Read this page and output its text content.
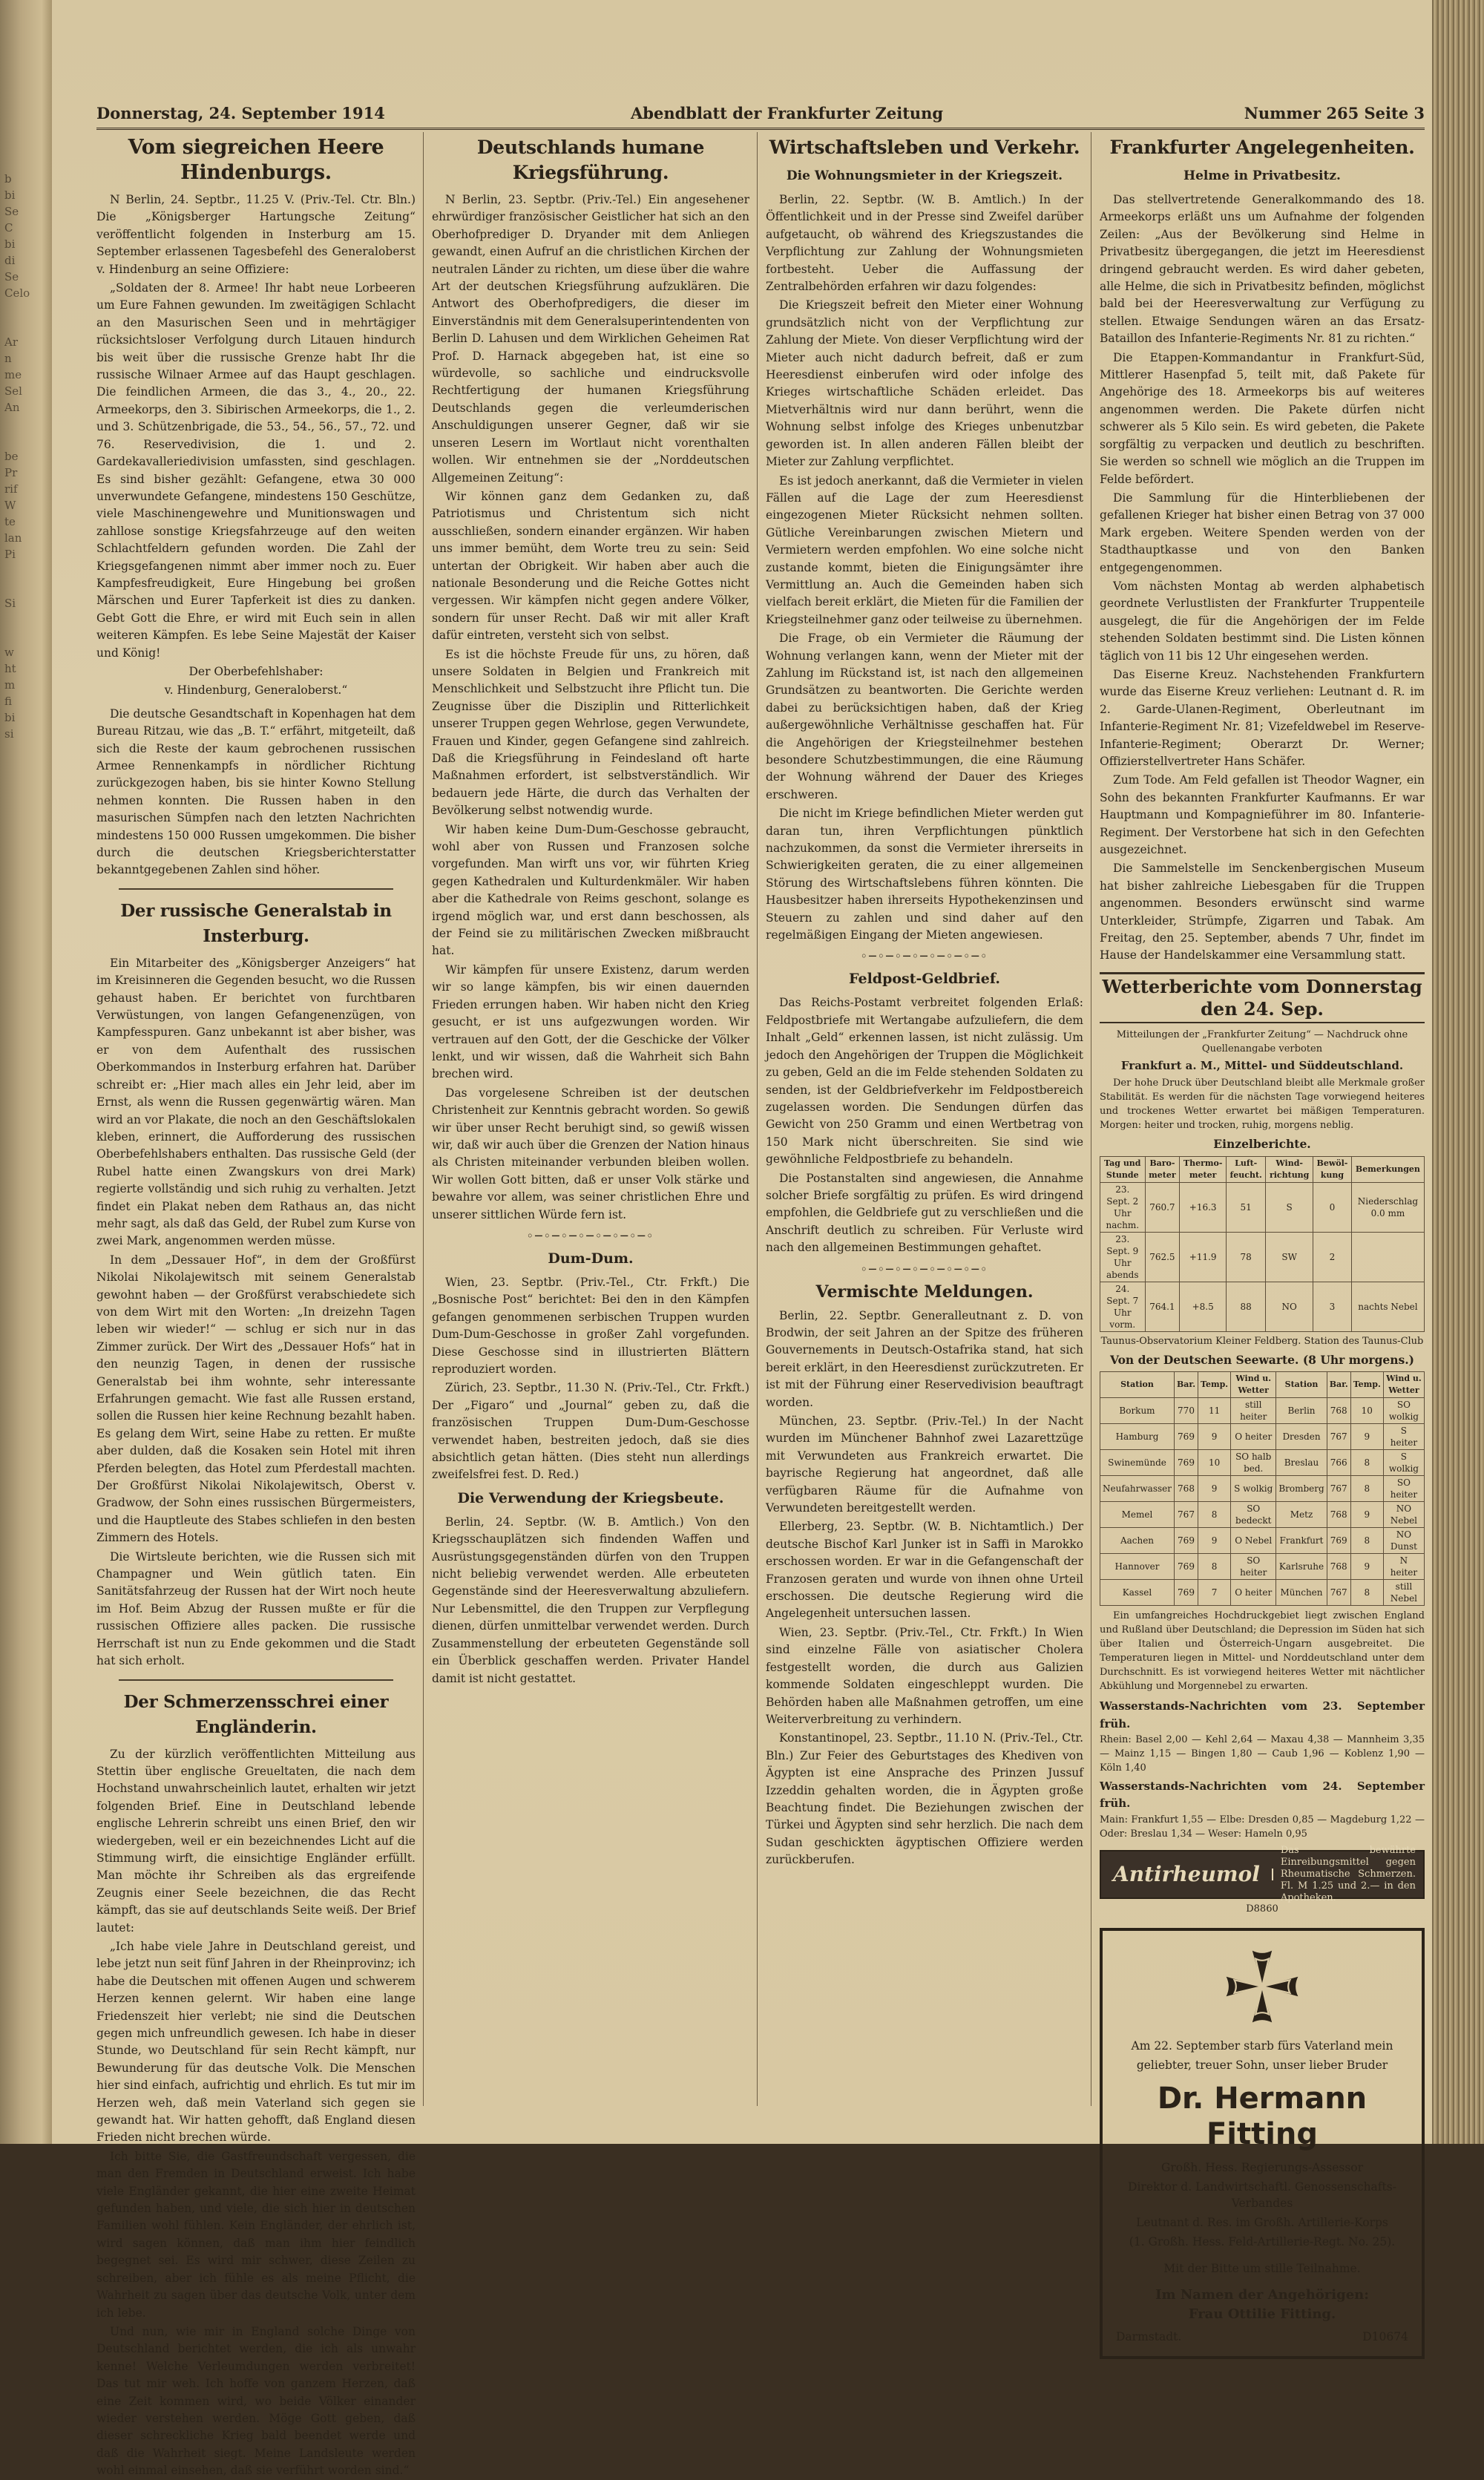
b
bi
Se
C
bi
di
Se
Celo

Ar
n
me
Sel
An

be
Pr
rif
W
te
lan
Pi

Si

w
ht
m
fi
bi
si
Donnerstag, 24. September 1914	Abendblatt der Frankfurter Zeitung	Nummer 265 Seite 3
Vom siegreichen Heere Hindenburgs.

N Berlin, 24. Septbr., 11.25 V. (Priv.-Tel. Ctr. Bln.) Die „Königsberger Hartungsche Zeitung“ veröffentlicht folgenden in Insterburg am 15. September erlassenen Tagesbefehl des Generaloberst v. Hindenburg an seine Offiziere:

„Soldaten der 8. Armee! Ihr habt neue Lorbeeren um Eure Fahnen gewunden. Im zweitägigen Schlacht an den Masurischen Seen und in mehrtägiger rücksichtsloser Verfolgung durch Litauen hindurch bis weit über die russische Grenze habt Ihr die russische Wilnaer Armee auf das Haupt geschlagen. Die feindlichen Armeen, die das 3., 4., 20., 22. Armeekorps, den 3. Sibirischen Armeekorps, die 1., 2. und 3. Schützenbrigade, die 53., 54., 56., 57., 72. und 76. Reservedivision, die 1. und 2. Gardekavalleriedivision umfassten, sind geschlagen. Es sind bisher gezählt: Gefangene, etwa 30 000 unverwundete Gefangene, mindestens 150 Geschütze, viele Maschinengewehre und Munitionswagen und zahllose sonstige Kriegsfahrzeuge auf den weiten Schlachtfeldern gefunden worden. Die Zahl der Kriegsgefangenen nimmt aber immer noch zu. Euer Kampfesfreudigkeit, Eure Hingebung bei großen Märschen und Eurer Tapferkeit ist dies zu danken. Gebt Gott die Ehre, er wird mit Euch sein in allen weiteren Kämpfen. Es lebe Seine Majestät der Kaiser und König!

Der Oberbefehlshaber:

v. Hindenburg, Generaloberst.“

Die deutsche Gesandtschaft in Kopenhagen hat dem Bureau Ritzau, wie das „B. T.“ erfährt, mitgeteilt, daß sich die Reste der kaum gebrochenen russischen Armee Rennenkampfs in nördlicher Richtung zurückgezogen haben, bis sie hinter Kowno Stellung nehmen konnten. Die Russen haben in den masurischen Sümpfen nach den letzten Nachrichten mindestens 150 000 Russen umgekommen. Die bisher durch die deutschen Kriegsberichterstatter bekanntgegebenen Zahlen sind höher.

Der russische Generalstab in Insterburg.

Ein Mitarbeiter des „Königsberger Anzeigers“ hat im Kreisinneren die Gegenden besucht, wo die Russen gehaust haben. Er berichtet von furchtbaren Verwüstungen, von langen Gefangenenzügen, von Kampfesspuren. Ganz unbekannt ist aber bisher, was er von dem Aufenthalt des russischen Oberkommandos in Insterburg erfahren hat. Darüber schreibt er: „Hier mach alles ein Jehr leid, aber im Ernst, als wenn die Russen gegenwärtig wären. Man wird an vor Plakate, die noch an den Geschäftslokalen kleben, erinnert, die Aufforderung des russischen Oberbefehlshabers enthalten. Das russische Geld (der Rubel hatte einen Zwangskurs von drei Mark) regierte vollständig und sich ruhig zu verhalten. Jetzt findet ein Plakat neben dem Rathaus an, das nicht mehr sagt, als daß das Geld, der Rubel zum Kurse von zwei Mark, angenommen werden müsse.

In dem „Dessauer Hof“, in dem der Großfürst Nikolai Nikolajewitsch mit seinem Generalstab gewohnt haben — der Großfürst verabschiedete sich von dem Wirt mit den Worten: „In dreizehn Tagen leben wir wieder!“ — schlug er sich nur in das Zimmer zurück. Der Wirt des „Dessauer Hofs“ hat in den neunzig Tagen, in denen der russische Generalstab bei ihm wohnte, sehr interessante Erfahrungen gemacht. Wie fast alle Russen erstand, sollen die Russen hier keine Rechnung bezahlt haben. Es gelang dem Wirt, seine Habe zu retten. Er mußte aber dulden, daß die Kosaken sein Hotel mit ihren Pferden belegten, das Hotel zum Pferdestall machten. Der Großfürst Nikolai Nikolajewitsch, Oberst v. Gradwow, der Sohn eines russischen Bürgermeisters, und die Hauptleute des Stabes schliefen in den besten Zimmern des Hotels.

Die Wirtsleute berichten, wie die Russen sich mit Champagner und Wein gütlich taten. Ein Sanitätsfahrzeug der Russen hat der Wirt noch heute im Hof. Beim Abzug der Russen mußte er für die russischen Offiziere alles packen. Die russische Herrschaft ist nun zu Ende gekommen und die Stadt hat sich erholt.

Der Schmerzensschrei einer Engländerin.

Zu der kürzlich veröffentlichten Mitteilung aus Stettin über englische Greueltaten, die nach dem Hochstand unwahrscheinlich lautet, erhalten wir jetzt folgenden Brief. Eine in Deutschland lebende englische Lehrerin schreibt uns einen Brief, den wir wiedergeben, weil er ein bezeichnendes Licht auf die Stimmung wirft, die einsichtige Engländer erfüllt. Man möchte ihr Schreiben als das ergreifende Zeugnis einer Seele bezeichnen, die das Recht kämpft, das sie auf deutschlands Seite weiß. Der Brief lautet:

„Ich habe viele Jahre in Deutschland gereist, und lebe jetzt nun seit fünf Jahren in der Rheinprovinz; ich habe die Deutschen mit offenen Augen und schwerem Herzen kennen gelernt. Wir haben eine lange Friedenszeit hier verlebt; nie sind die Deutschen gegen mich unfreundlich gewesen. Ich habe in dieser Stunde, wo Deutschland für sein Recht kämpft, nur Bewunderung für das deutsche Volk. Die Menschen hier sind einfach, aufrichtig und ehrlich. Es tut mir im Herzen weh, daß mein Vaterland sich gegen sie gewandt hat. Wir hatten gehofft, daß England diesen Frieden nicht brechen würde.

Ich bitte Sie, die Gastfreundschaft vergessen, die man den Fremden in Deutschland erweist. Ich habe viele Engländer gekannt, die hier eine zweite Heimat gefunden haben, und viele, die sich hier in deutschen Familien wohl fühlen. Kein Engländer, der ehrlich ist, wird sagen können, daß man ihm hier feindlich begegnet sei. Es wird mir schwer, diese Zeilen zu schreiben, aber ich fühle es als meine Pflicht, die Wahrheit zu sagen über das deutsche Volk, unter dem ich lebe.

Und nun, wie mir in England solche Dinge von Deutschland berichtet werden, die ich als unwahr kenne! Welche Verleumdungen werden verbreitet! Das tut mir weh. Ich hoffe von ganzem Herzen, daß eine Zeit kommen wird, wo beide Völker einander wieder verstehen werden. Möge Gott geben, daß dieser schreckliche Krieg bald beendet werde und daß die Wahrheit siegt. Meine Landsleute werden wohl einmal einsehen, daß sie verführt worden sind.“

Deutschlands humane Kriegsführung.

N Berlin, 23. Septbr. (Priv.-Tel.) Ein angesehener ehrwürdiger französischer Geistlicher hat sich an den Oberhofprediger D. Dryander mit dem Anliegen gewandt, einen Aufruf an die christlichen Kirchen der neutralen Länder zu richten, um diese über die wahre Art der deutschen Kriegsführung aufzuklären. Die Antwort des Oberhofpredigers, die dieser im Einverständnis mit dem Generalsuperintendenten von Berlin D. Lahusen und dem Wirklichen Geheimen Rat Prof. D. Harnack abgegeben hat, ist eine so würdevolle, so sachliche und eindrucksvolle Rechtfertigung der humanen Kriegsführung Deutschlands gegen die verleumderischen Anschuldigungen unserer Gegner, daß wir sie unseren Lesern im Wortlaut nicht vorenthalten wollen. Wir entnehmen sie der „Norddeutschen Allgemeinen Zeitung“:

Wir können ganz dem Gedanken zu, daß Patriotismus und Christentum sich nicht ausschließen, sondern einander ergänzen. Wir haben uns immer bemüht, dem Worte treu zu sein: Seid untertan der Obrigkeit. Wir haben aber auch die nationale Besonderung und die Reiche Gottes nicht vergessen. Wir kämpfen nicht gegen andere Völker, sondern für unser Recht. Daß wir mit aller Kraft dafür eintreten, versteht sich von selbst.

Es ist die höchste Freude für uns, zu hören, daß unsere Soldaten in Belgien und Frankreich mit Menschlichkeit und Selbstzucht ihre Pflicht tun. Die Zeugnisse über die Disziplin und Ritterlichkeit unserer Truppen gegen Wehrlose, gegen Verwundete, Frauen und Kinder, gegen Gefangene sind zahlreich. Daß die Kriegsführung in Feindesland oft harte Maßnahmen erfordert, ist selbstverständlich. Wir bedauern jede Härte, die durch das Verhalten der Bevölkerung selbst notwendig wurde.

Wir haben keine Dum-Dum-Geschosse gebraucht, wohl aber von Russen und Franzosen solche vorgefunden. Man wirft uns vor, wir führten Krieg gegen Kathedralen und Kulturdenkmäler. Wir haben aber die Kathedrale von Reims geschont, solange es irgend möglich war, und erst dann beschossen, als der Feind sie zu militärischen Zwecken mißbraucht hat.

Wir kämpfen für unsere Existenz, darum werden wir so lange kämpfen, bis wir einen dauernden Frieden errungen haben. Wir haben nicht den Krieg gesucht, er ist uns aufgezwungen worden. Wir vertrauen auf den Gott, der die Geschicke der Völker lenkt, und wir wissen, daß die Wahrheit sich Bahn brechen wird.

Das vorgelesene Schreiben ist der deutschen Christenheit zur Kenntnis gebracht worden. So gewiß wir über unser Recht beruhigt sind, so gewiß wissen wir, daß wir auch über die Grenzen der Nation hinaus als Christen miteinander verbunden bleiben wollen. Wir wollen Gott bitten, daß er unser Volk stärke und bewahre vor allem, was seiner christlichen Ehre und unserer sittlichen Würde fern ist.

◦─◦─◦─◦─◦─◦─◦─◦
Dum-Dum.

Wien, 23. Septbr. (Priv.-Tel., Ctr. Frkft.) Die „Bosnische Post“ berichtet: Bei den in den Kämpfen gefangen genommenen serbischen Truppen wurden Dum-Dum-Geschosse in großer Zahl vorgefunden. Diese Geschosse sind in illustrierten Blättern reproduziert worden.

Zürich, 23. Septbr., 11.30 N. (Priv.-Tel., Ctr. Frkft.) Der „Figaro“ und „Journal“ geben zu, daß die französischen Truppen Dum-Dum-Geschosse verwendet haben, bestreiten jedoch, daß sie dies absichtlich getan hätten. (Dies steht nun allerdings zweifelsfrei fest. D. Red.)

Die Verwendung der Kriegsbeute.

Berlin, 24. Septbr. (W. B. Amtlich.) Von den Kriegsschauplätzen sich findenden Waffen und Ausrüstungsgegenständen dürfen von den Truppen nicht beliebig verwendet werden. Alle erbeuteten Gegenstände sind der Heeresverwaltung abzuliefern. Nur Lebensmittel, die den Truppen zur Verpflegung dienen, dürfen unmittelbar verwendet werden. Durch Zusammenstellung der erbeuteten Gegenstände soll ein Überblick geschaffen werden. Privater Handel damit ist nicht gestattet.

Wirtschaftsleben und Verkehr.
Die Wohnungsmieter in der Kriegszeit.

Berlin, 22. Septbr. (W. B. Amtlich.) In der Öffentlichkeit und in der Presse sind Zweifel darüber aufgetaucht, ob während des Kriegszustandes die Verpflichtung zur Zahlung der Wohnungsmieten fortbesteht. Ueber die Auffassung der Zentralbehörden erfahren wir dazu folgendes:

Die Kriegszeit befreit den Mieter einer Wohnung grundsätzlich nicht von der Verpflichtung zur Zahlung der Miete. Von dieser Verpflichtung wird der Mieter auch nicht dadurch befreit, daß er zum Heeresdienst einberufen wird oder infolge des Krieges wirtschaftliche Schäden erleidet. Das Mietverhältnis wird nur dann berührt, wenn die Wohnung selbst infolge des Krieges unbenutzbar geworden ist. In allen anderen Fällen bleibt der Mieter zur Zahlung verpflichtet.

Es ist jedoch anerkannt, daß die Vermieter in vielen Fällen auf die Lage der zum Heeresdienst eingezogenen Mieter Rücksicht nehmen sollten. Gütliche Vereinbarungen zwischen Mietern und Vermietern werden empfohlen. Wo eine solche nicht zustande kommt, bieten die Einigungsämter ihre Vermittlung an. Auch die Gemeinden haben sich vielfach bereit erklärt, die Mieten für die Familien der Kriegsteilnehmer ganz oder teilweise zu übernehmen.

Die Frage, ob ein Vermieter die Räumung der Wohnung verlangen kann, wenn der Mieter mit der Zahlung im Rückstand ist, ist nach den allgemeinen Grundsätzen zu beantworten. Die Gerichte werden dabei zu berücksichtigen haben, daß der Krieg außergewöhnliche Verhältnisse geschaffen hat. Für die Angehörigen der Kriegsteilnehmer bestehen besondere Schutzbestimmungen, die eine Räumung der Wohnung während der Dauer des Krieges erschweren.

Die nicht im Kriege befindlichen Mieter werden gut daran tun, ihren Verpflichtungen pünktlich nachzukommen, da sonst die Vermieter ihrerseits in Schwierigkeiten geraten, die zu einer allgemeinen Störung des Wirtschaftslebens führen könnten. Die Hausbesitzer haben ihrerseits Hypothekenzinsen und Steuern zu zahlen und sind daher auf den regelmäßigen Eingang der Mieten angewiesen.

◦─◦─◦─◦─◦─◦─◦─◦
Feldpost-Geldbrief.

Das Reichs-Postamt verbreitet folgenden Erlaß: Feldpostbriefe mit Wertangabe aufzuliefern, die dem Inhalt „Geld“ erkennen lassen, ist nicht zulässig. Um jedoch den Angehörigen der Truppen die Möglichkeit zu geben, Geld an die im Felde stehenden Soldaten zu senden, ist der Geldbriefverkehr im Feldpostbereich zugelassen worden. Die Sendungen dürfen das Gewicht von 250 Gramm und einen Wertbetrag von 150 Mark nicht überschreiten. Sie sind wie gewöhnliche Feldpostbriefe zu behandeln.

Die Postanstalten sind angewiesen, die Annahme solcher Briefe sorgfältig zu prüfen. Es wird dringend empfohlen, die Geldbriefe gut zu verschließen und die Anschrift deutlich zu schreiben. Für Verluste wird nach den allgemeinen Bestimmungen gehaftet.

◦─◦─◦─◦─◦─◦─◦─◦
Vermischte Meldungen.

Berlin, 22. Septbr. Generalleutnant z. D. von Brodwin, der seit Jahren an der Spitze des früheren Gouvernements in Deutsch-Ostafrika stand, hat sich bereit erklärt, in den Heeresdienst zurückzutreten. Er ist mit der Führung einer Reservedivision beauftragt worden.

München, 23. Septbr. (Priv.-Tel.) In der Nacht wurden im Münchener Bahnhof zwei Lazarettzüge mit Verwundeten aus Frankreich erwartet. Die bayrische Regierung hat angeordnet, daß alle verfügbaren Räume für die Aufnahme von Verwundeten bereitgestellt werden.

Ellerberg, 23. Septbr. (W. B. Nichtamtlich.) Der deutsche Bischof Karl Junker ist in Saffi in Marokko erschossen worden. Er war in die Gefangenschaft der Franzosen geraten und wurde von ihnen ohne Urteil erschossen. Die deutsche Regierung wird die Angelegenheit untersuchen lassen.

Wien, 23. Septbr. (Priv.-Tel., Ctr. Frkft.) In Wien sind einzelne Fälle von asiatischer Cholera festgestellt worden, die durch aus Galizien kommende Soldaten eingeschleppt wurden. Die Behörden haben alle Maßnahmen getroffen, um eine Weiterverbreitung zu verhindern.

Konstantinopel, 23. Septbr., 11.10 N. (Priv.-Tel., Ctr. Bln.) Zur Feier des Geburtstages des Khediven von Ägypten ist eine Ansprache des Prinzen Jussuf Izzeddin gehalten worden, die in Ägypten große Beachtung findet. Die Beziehungen zwischen der Türkei und Ägypten sind sehr herzlich. Die nach dem Sudan geschickten ägyptischen Offiziere werden zurückberufen.

Frankfurter Angelegenheiten.
Helme in Privatbesitz.

Das stellvertretende Generalkommando des 18. Armeekorps erläßt uns um Aufnahme der folgenden Zeilen: „Aus der Bevölkerung sind Helme in Privatbesitz übergegangen, die jetzt im Heeresdienst dringend gebraucht werden. Es wird daher gebeten, alle Helme, die sich in Privatbesitz befinden, möglichst bald bei der Heeresverwaltung zur Verfügung zu stellen. Etwaige Sendungen wären an das Ersatz-Bataillon des Infanterie-Regiments Nr. 81 zu richten.“

Die Etappen-Kommandantur in Frankfurt-Süd, Mittlerer Hasenpfad 5, teilt mit, daß Pakete für Angehörige des 18. Armeekorps bis auf weiteres angenommen werden. Die Pakete dürfen nicht schwerer als 5 Kilo sein. Es wird gebeten, die Pakete sorgfältig zu verpacken und deutlich zu beschriften. Sie werden so schnell wie möglich an die Truppen im Felde befördert.

Die Sammlung für die Hinterbliebenen der gefallenen Krieger hat bisher einen Betrag von 37 000 Mark ergeben. Weitere Spenden werden von der Stadthauptkasse und von den Banken entgegengenommen.

Vom nächsten Montag ab werden alphabetisch geordnete Verlustlisten der Frankfurter Truppenteile ausgelegt, die für die Angehörigen der im Felde stehenden Soldaten bestimmt sind. Die Listen können täglich von 11 bis 12 Uhr eingesehen werden.

Das Eiserne Kreuz. Nachstehenden Frankfurtern wurde das Eiserne Kreuz verliehen: Leutnant d. R. im 2. Garde-Ulanen-Regiment, Oberleutnant im Infanterie-Regiment Nr. 81; Vizefeldwebel im Reserve-Infanterie-Regiment; Oberarzt Dr. Werner; Offizierstellvertreter Hans Schäfer.

Zum Tode. Am Feld gefallen ist Theodor Wagner, ein Sohn des bekannten Frankfurter Kaufmanns. Er war Hauptmann und Kompagnieführer im 80. Infanterie-Regiment. Der Verstorbene hat sich in den Gefechten ausgezeichnet.

Die Sammelstelle im Senckenbergischen Museum hat bisher zahlreiche Liebesgaben für die Truppen angenommen. Besonders erwünscht sind warme Unterkleider, Strümpfe, Zigarren und Tabak. Am Freitag, den 25. September, abends 7 Uhr, findet im Hause der Handelskammer eine Versammlung statt.

Wetterberichte vom Donnerstag den 24. Sep.

Mitteilungen der „Frankfurter Zeitung“ — Nachdruck ohne Quellenangabe verboten

Frankfurt a. M., Mittel- und Süddeutschland.

Der hohe Druck über Deutschland bleibt alle Merkmale großer Stabilität. Es werden für die nächsten Tage vorwiegend heiteres und trockenes Wetter erwartet bei mäßigen Temperaturen. Morgen: heiter und trocken, ruhig, morgens neblig.

Einzelberichte.

Tag und Stunde	Baro-meter	Thermo-meter	Luft-feucht.	Wind-richtung	Bewöl-kung	Bemerkungen
23. Sept. 2 Uhr nachm.	760.7	+16.3	51	S	0	Niederschlag 0.0 mm
23. Sept. 9 Uhr abends	762.5	+11.9	78	SW	2	
24. Sept. 7 Uhr vorm.	764.1	+8.5	88	NO	3	nachts Nebel

Taunus-Observatorium Kleiner Feldberg. Station des Taunus-Club

Von der Deutschen Seewarte. (8 Uhr morgens.)

Station	Bar.	Temp.	Wind u. Wetter	Station	Bar.	Temp.	Wind u. Wetter
Borkum	770	11	still heiter	Berlin	768	10	SO wolkig
Hamburg	769	9	O heiter	Dresden	767	9	S heiter
Swinemünde	769	10	SO halb bed.	Breslau	766	8	S wolkig
Neufahrwasser	768	9	S wolkig	Bromberg	767	8	SO heiter
Memel	767	8	SO bedeckt	Metz	768	9	NO Nebel
Aachen	769	9	O Nebel	Frankfurt	769	8	NO Dunst
Hannover	769	8	SO heiter	Karlsruhe	768	9	N heiter
Kassel	769	7	O heiter	München	767	8	still Nebel

Ein umfangreiches Hochdruckgebiet liegt zwischen England und Rußland über Deutschland; die Depression im Süden hat sich über Italien und Österreich-Ungarn ausgebreitet. Die Temperaturen liegen in Mittel- und Norddeutschland unter dem Durchschnitt. Es ist vorwiegend heiteres Wetter mit nächtlicher Abkühlung und Morgennebel zu erwarten.

Wasserstands-Nachrichten vom 23. September früh.

Rhein: Basel 2,00 — Kehl 2,64 — Maxau 4,38 — Mannheim 3,35 — Mainz 1,15 — Bingen 1,80 — Caub 1,96 — Koblenz 1,90 — Köln 1,40

Wasserstands-Nachrichten vom 24. September früh.

Main: Frankfurt 1,55 — Elbe: Dresden 0,85 — Magdeburg 1,22 — Oder: Breslau 1,34 — Weser: Hameln 0,95

Antirheumol
Das bewährte Einreibungsmittel gegen Rheumatische Schmerzen. Fl. M 1.25 und 2.— in den Apotheken.

D8860

Am 22. September starb fürs Vaterland mein

geliebter, treuer Sohn, unser lieber Bruder

Dr. Hermann Fitting

Großh. Hess. Regierungs-Assessor

Direktor d. Landwirtschaftl. Genossenschafts-Verbandes

Leutnant d. Res. im Großh. Artillerie-Korps

(1. Großh. Hess. Feld-Artillerie-Regt. No. 25).

Mit der Bitte um stille Teilnahme.

Im Namen der Angehörigen:

Frau Ottilie Fitting.

Darmstadt.	D10674
